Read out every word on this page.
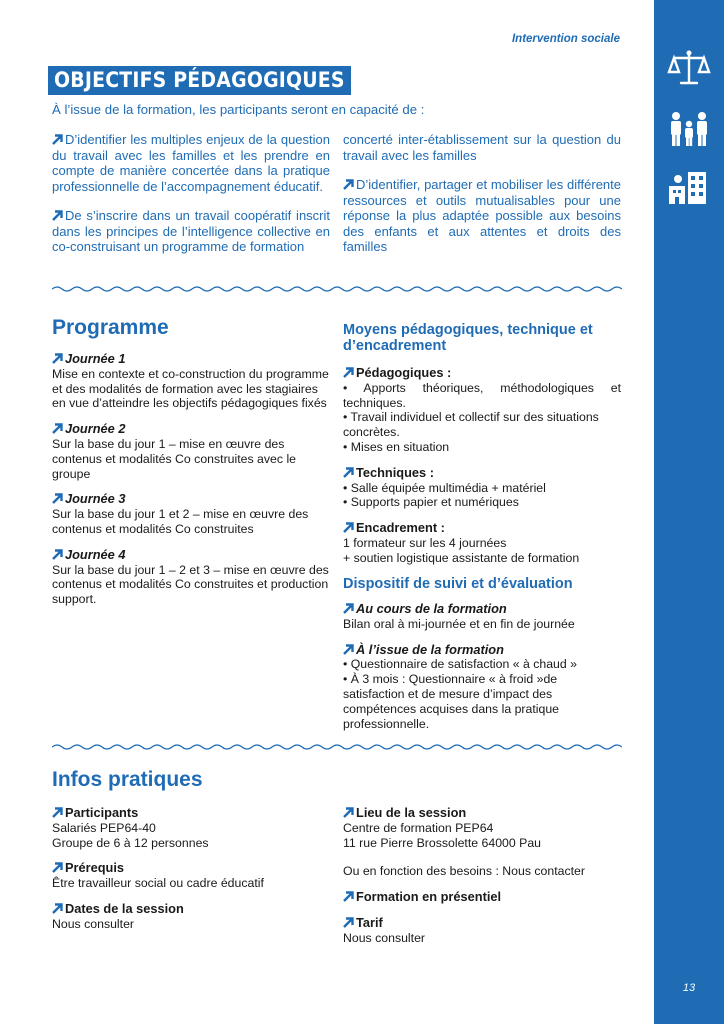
13
Intervention sociale
OBJECTIFS PÉDAGOGIQUES
À l’issue de la formation, les participants seront en capacité de :

D’identifier les multiples enjeux de la question du travail avec les familles et les prendre en compte de manière concertée dans la pratique professionnelle de l’accompagnement éducatif.

De s’inscrire dans un travail coopératif inscrit dans les principes de l’intelligence collective en co-construisant un programme de formation

concerté inter-établissement sur la question du travail avec les familles

D’identifier, partager et mobiliser les différente ressources et outils mutualisables pour une réponse la plus adaptée possible aux besoins des enfants et aux attentes et droits des familles

Programme
Journée 1
Mise en contexte et co-construction du programme et des modalités de formation avec les stagiaires en vue d’atteindre les objectifs pédagogiques fixés
Journée 2
Sur la base du jour 1 – mise en œuvre des contenus et modalités Co construites avec le groupe
Journée 3
Sur la base du jour 1 et 2 – mise en œuvre des contenus et modalités Co construites
Journée 4
Sur la base du jour 1 – 2 et 3 – mise en œuvre des contenus et modalités Co construites et production support.
Moyens pédagogiques, technique et d’encadrement
Pédagogiques :
• Apports théoriques, méthodologiques et techniques.
• Travail individuel et collectif sur des situations concrètes.
• Mises en situation
Techniques :
• Salle équipée multimédia + matériel
• Supports papier et numériques
Encadrement :
1 formateur sur les 4 journées
+ soutien logistique assistante de formation
Dispositif de suivi et d’évaluation
Au cours de la formation
Bilan oral à mi-journée et en fin de journée
À l’issue de la formation
• Questionnaire de satisfaction « à chaud »
• À 3 mois : Questionnaire « à froid »de satisfaction et de mesure d’impact des compétences acquises dans la pratique professionnelle.
Infos pratiques
Participants
Salariés PEP64-40
Groupe de 6 à 12 personnes
Prérequis
Être travailleur social ou cadre éducatif
Dates de la session
Nous consulter
Lieu de la session
Centre de formation PEP64
11 rue Pierre Brossolette 64000 Pau
Ou en fonction des besoins : Nous contacter
Formation en présentiel
Tarif
Nous consulter
